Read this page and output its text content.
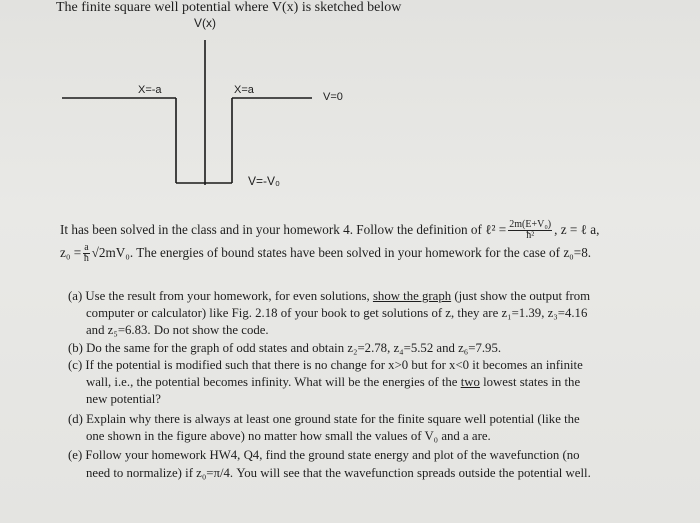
The finite square well potential where V(x) is sketched below
V(x)
X=-a	X=a
V=0
V=-V₀
It has been solved in the class and in your homework 4. Follow the definition of ℓ² = $\frac{\text{2m(E+V₀)}}{\text{ħ²}}$ , z = ℓ a,
$z_0 = \frac{a}{ħ} √2mV_0$. The energies of bound states have been solved in your homework for the case of z₀=8.
(a) Use the result from your homework, for even solutions, show the graph (just show the output from
computer or calculator) like Fig. 2.18 of your book to get solutions of z, they are z₁=1.39, z₃=4.16
and z₅=6.83. Do not show the code.
(b) Do the same for the graph of odd states and obtain z₂=2.78, z₄=5.52 and z₆=7.95.
(c) If the potential is modified such that there is no change for x>0 but for x<0 it becomes an infinite
wall, i.e., the potential becomes infinity. What will be the energies of the two lowest states in the
new potential?
(d) Explain why there is always at least one ground state for the finite square well potential (like the
one shown in the figure above) no matter how small the values of V₀ and a are.
(e) Follow your homework HW4, Q4, find the ground state energy and plot of the wavefunction (no
need to normalize) if z₀=π/4. You will see that the wavefunction spreads outside the potential well.
